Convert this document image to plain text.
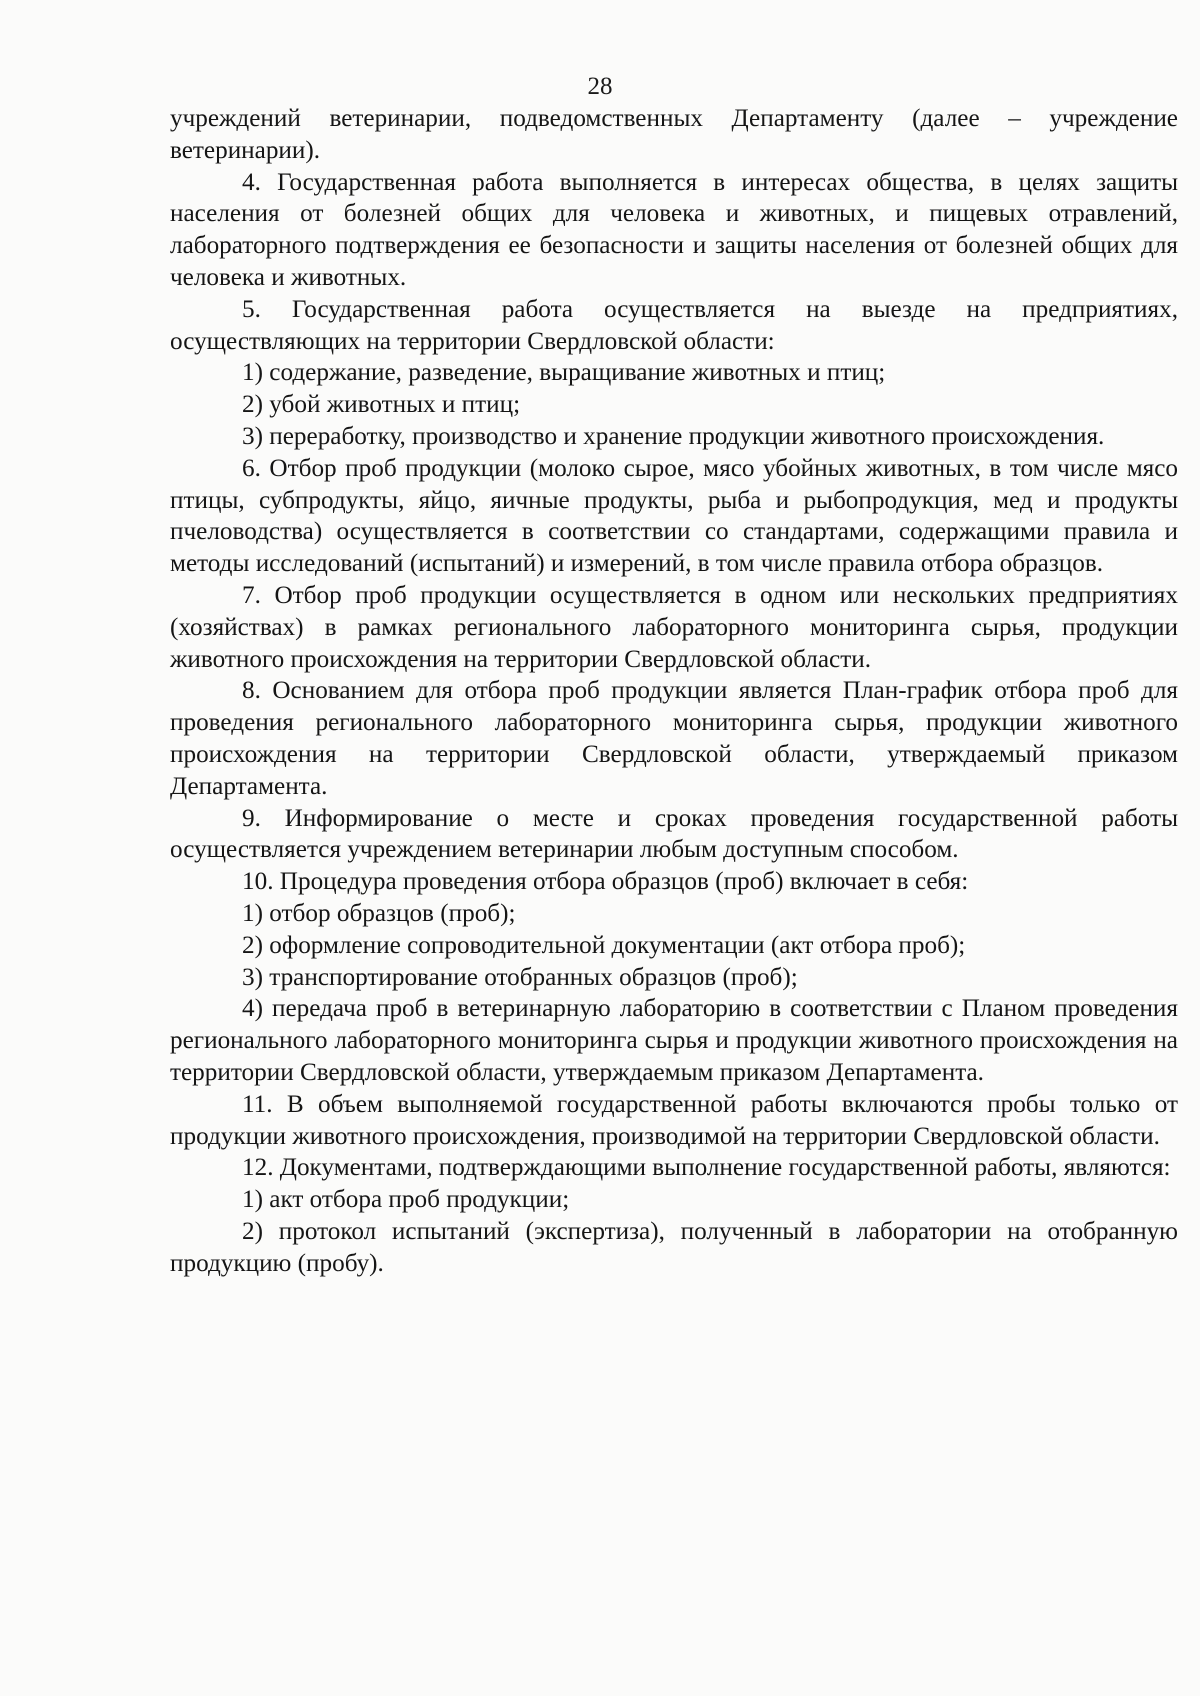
28

учреждений ветеринарии, подведомственных Департаменту (далее – учреждение ветеринарии).

4. Государственная работа выполняется в интересах общества, в целях защиты населения от болезней общих для человека и животных, и пищевых отравлений, лабораторного подтверждения ее безопасности и защиты населения от болезней общих для человека и животных.

5. Государственная работа осуществляется на выезде на предприятиях, осуществляющих на территории Свердловской области:

1) содержание, разведение, выращивание животных и птиц;

2) убой животных и птиц;

3) переработку, производство и хранение продукции животного происхождения.

6. Отбор проб продукции (молоко сырое, мясо убойных животных, в том числе мясо птицы, субпродукты, яйцо, яичные продукты, рыба и рыбопродукция, мед и продукты пчеловодства) осуществляется в соответствии со стандартами, содержащими правила и методы исследований (испытаний) и измерений, в том числе правила отбора образцов.

7. Отбор проб продукции осуществляется в одном или нескольких предприятиях (хозяйствах) в рамках регионального лабораторного мониторинга сырья, продукции животного происхождения на территории Свердловской области.

8. Основанием для отбора проб продукции является План-график отбора проб для проведения регионального лабораторного мониторинга сырья, продукции животного происхождения на территории Свердловской области, утверждаемый приказом Департамента.

9. Информирование о месте и сроках проведения государственной работы осуществляется учреждением ветеринарии любым доступным способом.

10. Процедура проведения отбора образцов (проб) включает в себя:

1) отбор образцов (проб);

2) оформление сопроводительной документации (акт отбора проб);

3) транспортирование отобранных образцов (проб);

4) передача проб в ветеринарную лабораторию в соответствии с Планом проведения регионального лабораторного мониторинга сырья и продукции животного происхождения на территории Свердловской области, утверждаемым приказом Департамента.

11. В объем выполняемой государственной работы включаются пробы только от продукции животного происхождения, производимой на территории Свердловской области.

12. Документами, подтверждающими выполнение государственной работы, являются:

1) акт отбора проб продукции;

2) протокол испытаний (экспертиза), полученный в лаборатории на отобранную продукцию (пробу).
